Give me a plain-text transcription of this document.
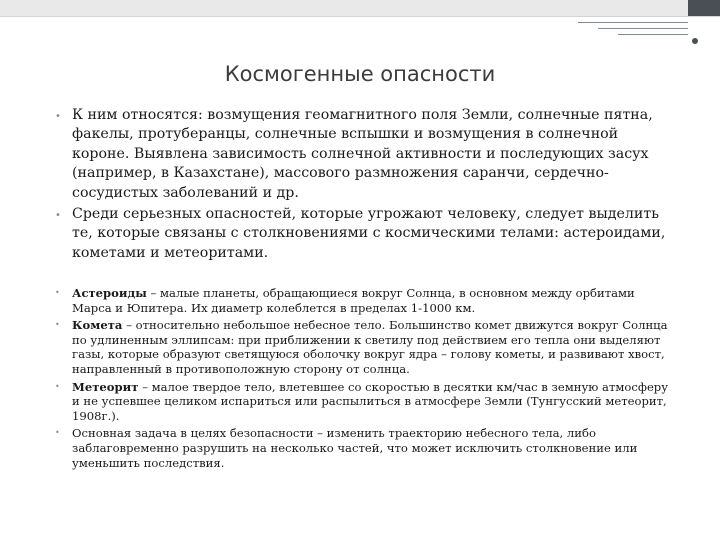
Космогенные опасности
• К ним относятся: возмущения геомагнитного поля Земли, солнечные пятна, факелы, протуберанцы, солнечные вспышки и возмущения в солнечной короне. Выявлена зависимость солнечной активности и последующих засух (например, в Казахстане), массового размножения саранчи, сердечно-сосудистых заболеваний и др.
• Среди серьезных опасностей, которые угрожают человеку, следует выделить те, которые связаны с столкновениями с космическими телами: астероидами, кометами и метеоритами.
• Астероиды – малые планеты, обращающиеся вокруг Солнца, в основном между орбитами Марса и Юпитера. Их диаметр колеблется в пределах 1-1000 км.
• Комета – относительно небольшое небесное тело. Большинство комет движутся вокруг Солнца по удлиненным эллипсам: при приближении к светилу под действием его тепла они выделяют газы, которые образуют светящуюся оболочку вокруг ядра – голову кометы, и развивают хвост, направленный в противоположную сторону от солнца.
• Метеорит – малое твердое тело, влетевшее со скоростью в десятки км/час в земную атмосферу и не успевшее целиком испариться или распылиться в атмосфере Земли (Тунгусский метеорит, 1908г.).
• Основная задача в целях безопасности – изменить траекторию небесного тела, либо заблаговременно разрушить на несколько частей, что может исключить столкновение или уменьшить последствия.
